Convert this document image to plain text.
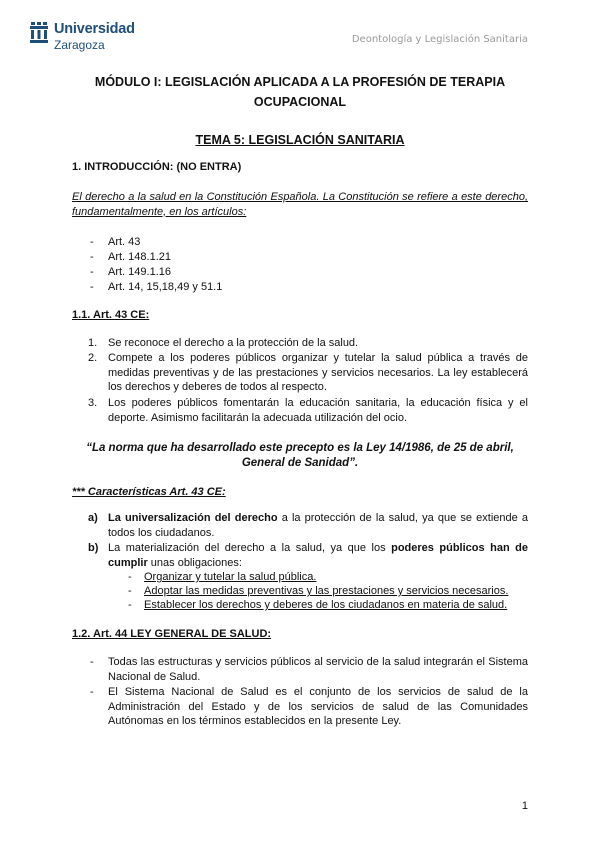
Universidad
Zaragoza	Deontología y Legislación Sanitaria
MÓDULO I: LEGISLACIÓN APLICADA A LA PROFESIÓN DE TERAPIA
OCUPACIONAL
TEMA 5: LEGISLACIÓN SANITARIA
1. INTRODUCCIÓN: (NO ENTRA)
El derecho a la salud en la Constitución Española. La Constitución se refiere a este derecho, fundamentalmente, en los artículos:
- Art. 43
- Art. 148.1.21
- Art. 149.1.16
- Art. 14, 15,18,49 y 51.1
1.1. Art. 43 CE:
1. Se reconoce el derecho a la protección de la salud.
2. Compete a los poderes públicos organizar y tutelar la salud pública a través de medidas preventivas y de las prestaciones y servicios necesarios. La ley establecerá los derechos y deberes de todos al respecto.
3. Los poderes públicos fomentarán la educación sanitaria, la educación física y el deporte. Asimismo facilitarán la adecuada utilización del ocio.
“La norma que ha desarrollado este precepto es la Ley 14/1986, de 25 de abril,
General de Sanidad”.
*** Características Art. 43 CE:
a) La universalización del derecho a la protección de la salud, ya que se extiende a todos los ciudadanos.
b) La materialización del derecho a la salud, ya que los poderes públicos han de cumplir unas obligaciones:
- Organizar y tutelar la salud pública.
- Adoptar las medidas preventivas y las prestaciones y servicios necesarios.
- Establecer los derechos y deberes de los ciudadanos en materia de salud.
1.2. Art. 44 LEY GENERAL DE SALUD:
- Todas las estructuras y servicios públicos al servicio de la salud integrarán el Sistema Nacional de Salud.
- El Sistema Nacional de Salud es el conjunto de los servicios de salud de la Administración del Estado y de los servicios de salud de las Comunidades Autónomas en los términos establecidos en la presente Ley.
1
